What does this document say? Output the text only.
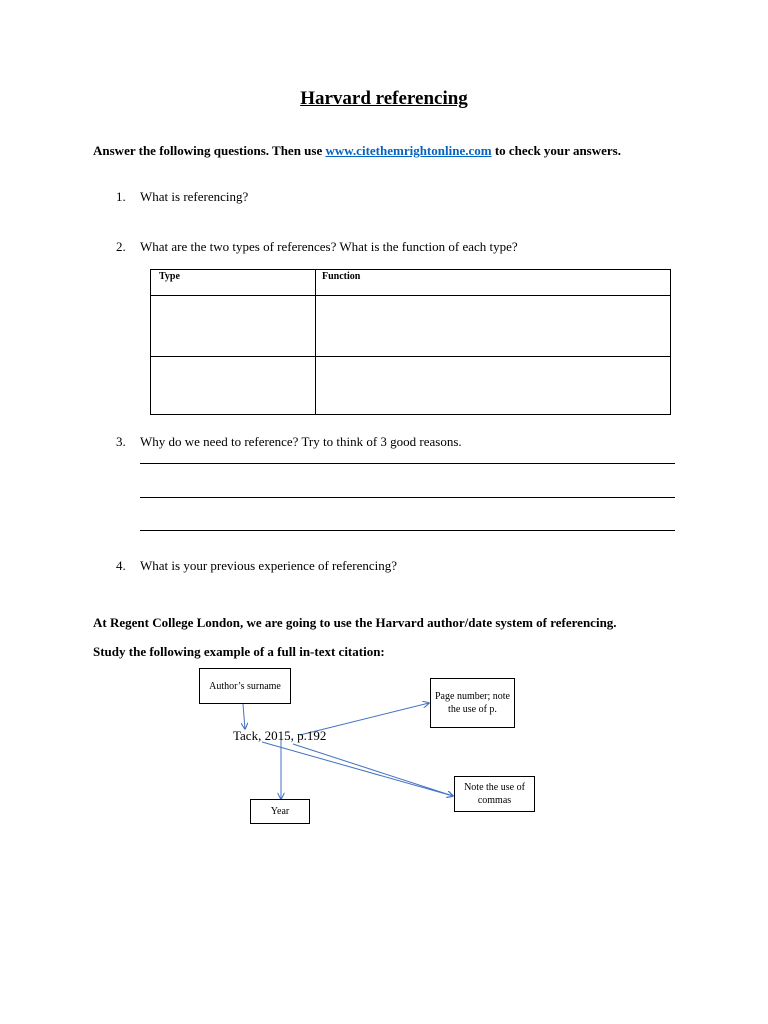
Harvard referencing
Answer the following questions. Then use www.citethemrightonline.com to check your answers.
1. What is referencing?
2. What are the two types of references? What is the function of each type?
Type	Function
3. Why do we need to reference? Try to think of 3 good reasons.
4. What is your previous experience of referencing?
At Regent College London, we are going to use the Harvard author/date system of referencing.
Study the following example of a full in-text citation:
Author’s surname
Page number; note the use of p.
Tack, 2015, p.192
Note the use of commas
Year
